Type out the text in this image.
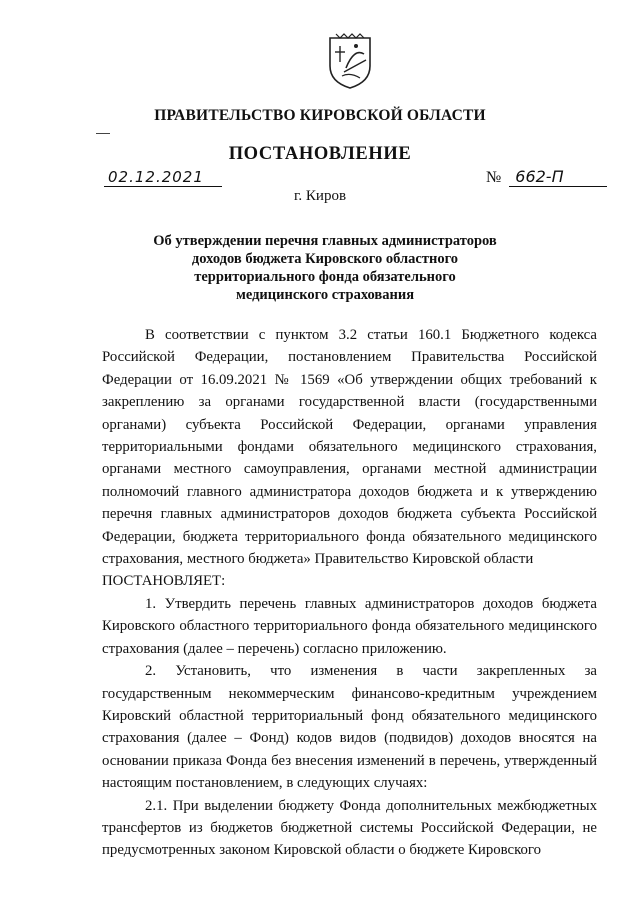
ПРАВИТЕЛЬСТВО КИРОВСКОЙ ОБЛАСТИ
ПОСТАНОВЛЕНИЕ
02.12.2021	№ 662-П
г. Киров
Об утверждении перечня главных администраторов доходов бюджета Кировского областного территориального фонда обязательного медицинского страхования

В соответствии с пунктом 3.2 статьи 160.1 Бюджетного кодекса Российской Федерации, постановлением Правительства Российской Федерации от 16.09.2021 № 1569 «Об утверждении общих требований к закреплению за органами государственной власти (государственными органами) субъекта Российской Федерации, органами управления территориальными фондами обязательного медицинского страхования, органами местного самоуправления, органами местной администрации полномочий главного администратора доходов бюджета и к утверждению перечня главных администраторов доходов бюджета субъекта Российской Федерации, бюджета территориального фонда обязательного медицинского страхования, местного бюджета» Правительство Кировской области

ПОСТАНОВЛЯЕТ:

1. Утвердить перечень главных администраторов доходов бюджета Кировского областного территориального фонда обязательного медицинского страхования (далее – перечень) согласно приложению.

2. Установить, что изменения в части закрепленных за государственным некоммерческим финансово-кредитным учреждением Кировский областной территориальный фонд обязательного медицинского страхования (далее – Фонд) кодов видов (подвидов) доходов вносятся на основании приказа Фонда без внесения изменений в перечень, утвержденный настоящим постановлением, в следующих случаях:

2.1. При выделении бюджету Фонда дополнительных межбюджетных трансфертов из бюджетов бюджетной системы Российской Федерации, не предусмотренных законом Кировской области о бюджете Кировского
